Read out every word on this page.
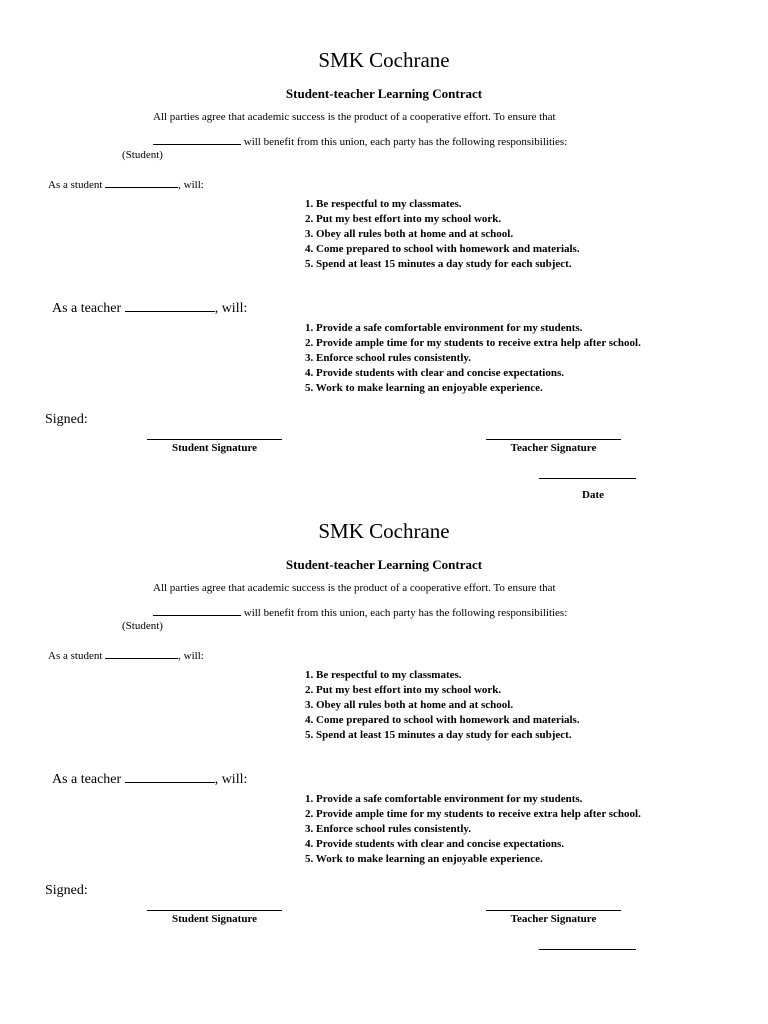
SMK Cochrane
Student-teacher Learning Contract
All parties agree that academic success is the product of a cooperative effort. To ensure that
will benefit from this union, each party has the following responsibilities:
(Student)
As a student	, will:
1. Be respectful to my classmates.
2. Put my best effort into my school work.
3. Obey all rules both at home and at school.
4. Come prepared to school with homework and materials.
5. Spend at least 15 minutes a day study for each subject.
As a teacher	, will:
1. Provide a safe comfortable environment for my students.
2. Provide ample time for my students to receive extra help after school.
3. Enforce school rules consistently.
4. Provide students with clear and concise expectations.
5. Work to make learning an enjoyable experience.
Signed:
Student Signature	Teacher Signature
Date
SMK Cochrane
Student-teacher Learning Contract
All parties agree that academic success is the product of a cooperative effort. To ensure that
will benefit from this union, each party has the following responsibilities:
(Student)
As a student	, will:
1. Be respectful to my classmates.
2. Put my best effort into my school work.
3. Obey all rules both at home and at school.
4. Come prepared to school with homework and materials.
5. Spend at least 15 minutes a day study for each subject.
As a teacher	, will:
1. Provide a safe comfortable environment for my students.
2. Provide ample time for my students to receive extra help after school.
3. Enforce school rules consistently.
4. Provide students with clear and concise expectations.
5. Work to make learning an enjoyable experience.
Signed:
Student Signature	Teacher Signature
